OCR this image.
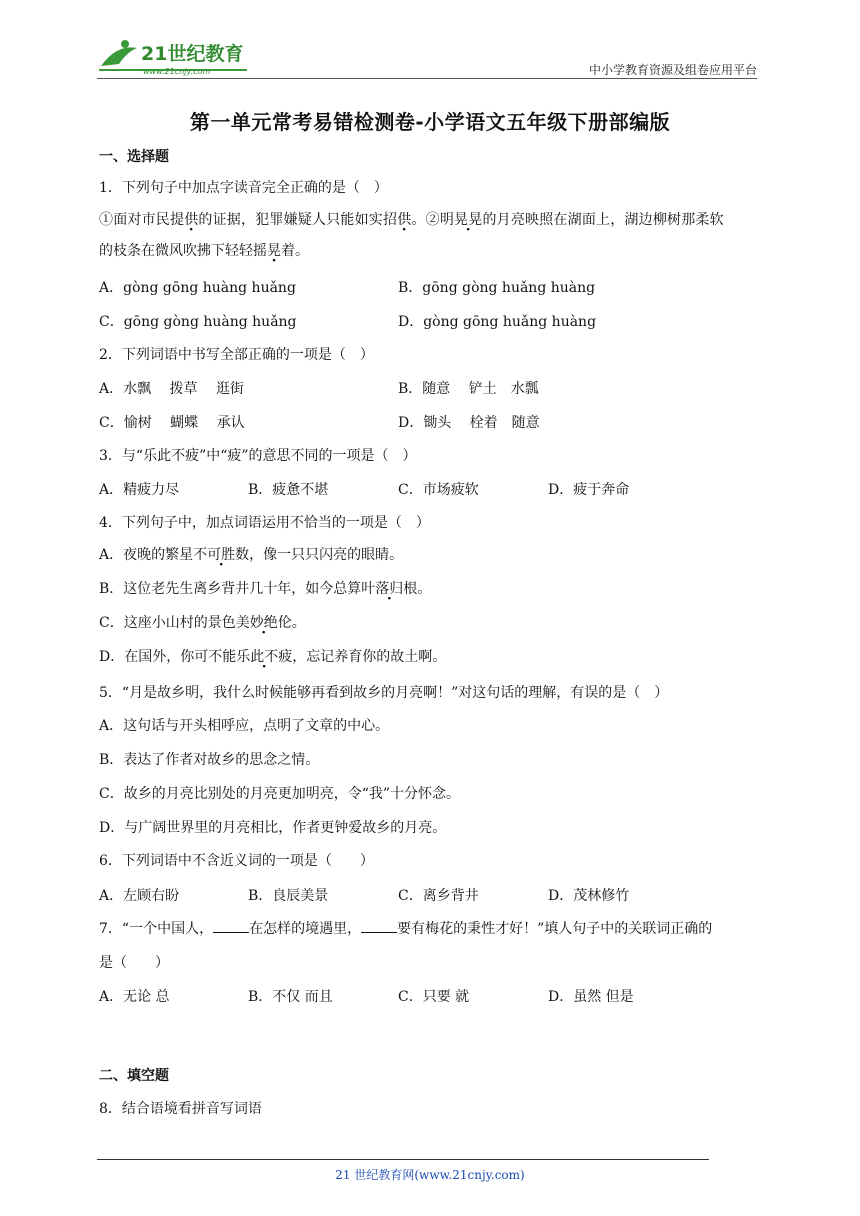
21世纪教育
www.21cnjy.com	中小学教育资源及组卷应用平台
第一单元常考易错检测卷-小学语文五年级下册部编版
一、选择题
1．下列句子中加点字读音完全正确的是（　）
①面对市民提供的证据，犯罪嫌疑人只能如实招供。②明晃晃的月亮映照在湖面上，湖边柳树那柔软
的枝条在微风吹拂下轻轻摇晃着。
A．gòng gōng huàng huǎng	B．gōng gòng huǎng huàng
C．gōng gòng huàng huǎng	D．gòng gōng huǎng huàng
2．下列词语中书写全部正确的一项是（　）
A．水飘　 拨草　 逛街	B．随意　 铲土　水瓢
C．愉树　 蝴蝶　 承认	D．锄头　 栓着　随意
3．与“乐此不疲”中“疲”的意思不同的一项是（　）
A．精疲力尽	B．疲惫不堪	C．市场疲软	D．疲于奔命
4．下列句子中，加点词语运用不恰当的一项是（　）
A．夜晚的繁星不可胜数，像一只只闪亮的眼睛。
B．这位老先生离乡背井几十年，如今总算叶落归根。
C．这座小山村的景色美妙绝伦。
D．在国外，你可不能乐此不疲，忘记养育你的故土啊。
5．“月是故乡明，我什么时候能够再看到故乡的月亮啊！”对这句话的理解，有误的是（　）
A．这句话与开头相呼应，点明了文章的中心。
B．表达了作者对故乡的思念之情。
C．故乡的月亮比别处的月亮更加明亮，令“我”十分怀念。
D．与广阔世界里的月亮相比，作者更钟爱故乡的月亮。
6．下列词语中不含近义词的一项是（　　）
A．左顾右盼	B．良辰美景	C．离乡背井	D．茂林修竹
7．“一个中国人，	在怎样的境遇里，	要有梅花的秉性才好！”填人句子中的关联词正确的
是（　　）
A．无论 总	B．不仅 而且	C．只要 就	D．虽然 但是
二、填空题
8．结合语境看拼音写词语
21 世纪教育网(www.21cnjy.com)
